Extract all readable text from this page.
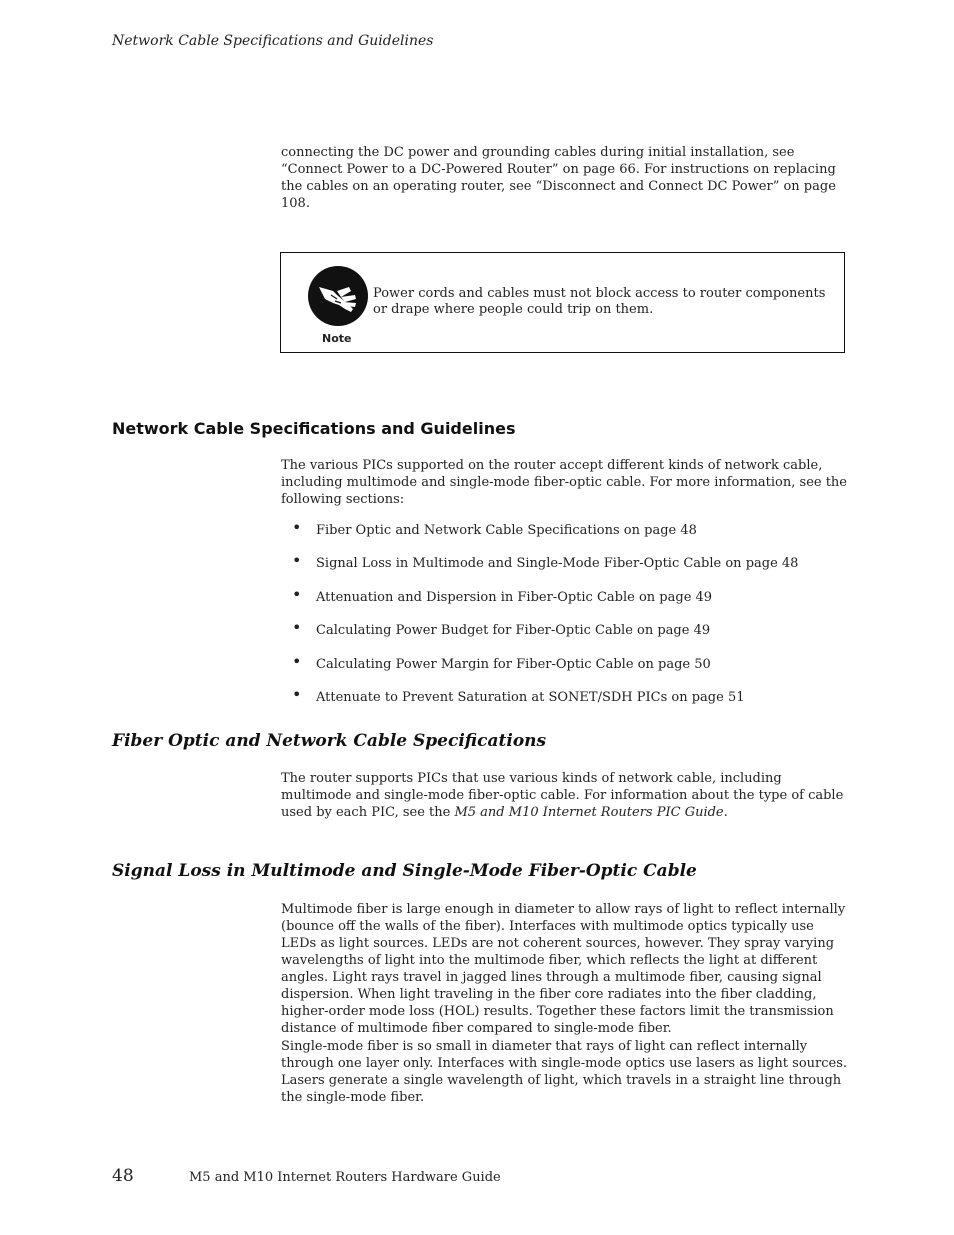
Network Cable Specifications and Guidelines

connecting the DC power and grounding cables during initial installation, see “Connect Power to a DC-Powered Router” on page 66. For instructions on replacing the cables on an operating router, see “Disconnect and Connect DC Power” on page 108.

Note
Power cords and cables must not block access to router components or drape where people could trip on them.
Network Cable Specifications and Guidelines

The various PICs supported on the router accept different kinds of network cable, including multimode and single-mode fiber-optic cable. For more information, see the following sections:

• Fiber Optic and Network Cable Specifications on page 48
• Signal Loss in Multimode and Single-Mode Fiber-Optic Cable on page 48
• Attenuation and Dispersion in Fiber-Optic Cable on page 49
• Calculating Power Budget for Fiber-Optic Cable on page 49
• Calculating Power Margin for Fiber-Optic Cable on page 50
• Attenuate to Prevent Saturation at SONET/SDH PICs on page 51
Fiber Optic and Network Cable Specifications

The router supports PICs that use various kinds of network cable, including multimode and single-mode fiber-optic cable. For information about the type of cable used by each PIC, see the M5 and M10 Internet Routers PIC Guide.

Signal Loss in Multimode and Single-Mode Fiber-Optic Cable

Multimode fiber is large enough in diameter to allow rays of light to reflect internally (bounce off the walls of the fiber). Interfaces with multimode optics typically use LEDs as light sources. LEDs are not coherent sources, however. They spray varying wavelengths of light into the multimode fiber, which reflects the light at different angles. Light rays travel in jagged lines through a multimode fiber, causing signal dispersion. When light traveling in the fiber core radiates into the fiber cladding, higher-order mode loss (HOL) results. Together these factors limit the transmission distance of multimode fiber compared to single-mode fiber.

Single-mode fiber is so small in diameter that rays of light can reflect internally through one layer only. Interfaces with single-mode optics use lasers as light sources. Lasers generate a single wavelength of light, which travels in a straight line through the single-mode fiber.

48	M5 and M10 Internet Routers Hardware Guide
